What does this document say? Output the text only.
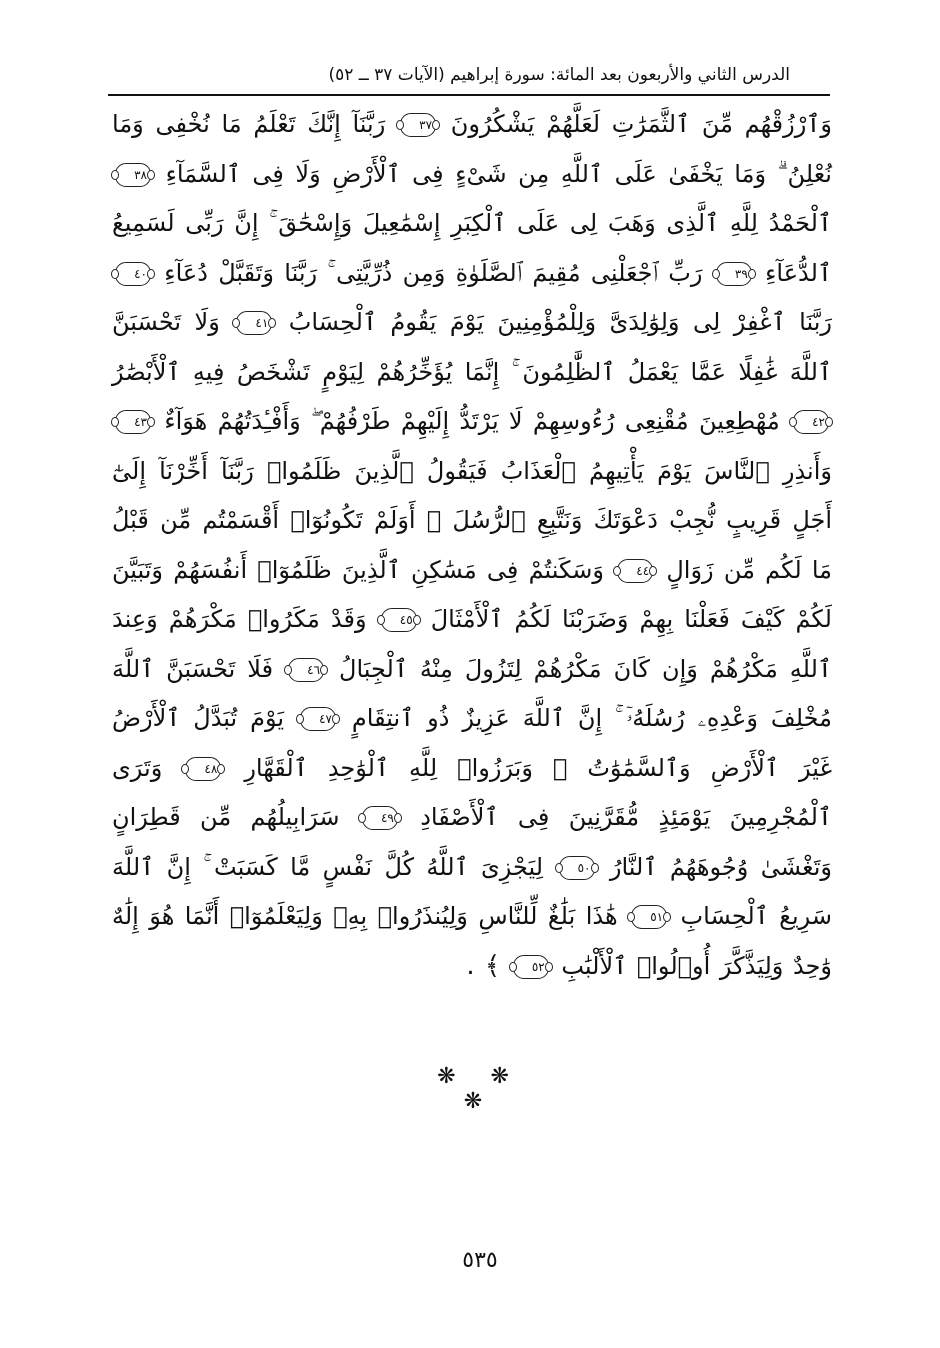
الدرس الثاني والأربعون بعد المائة: سورة إبراهيم (الآيات ٣٧ ــ ٥٢)
وَٱرْزُقْهُم مِّنَ ٱلثَّمَرَٰتِ لَعَلَّهُمْ يَشْكُرُونَ ٣٧ رَبَّنَآ إِنَّكَ تَعْلَمُ مَا نُخْفِى وَمَا نُعْلِنُ ۗ وَمَا يَخْفَىٰ عَلَى ٱللَّهِ مِن شَىْءٍ فِى ٱلْأَرْضِ وَلَا فِى ٱلسَّمَآءِ ٣٨ ٱلْحَمْدُ لِلَّهِ ٱلَّذِى وَهَبَ لِى عَلَى ٱلْكِبَرِ إِسْمَٰعِيلَ وَإِسْحَٰقَ ۚ إِنَّ رَبِّى لَسَمِيعُ ٱلدُّعَآءِ ٣٩ رَبِّ ٱجْعَلْنِى مُقِيمَ ٱلصَّلَوٰةِ وَمِن ذُرِّيَّتِى ۚ رَبَّنَا وَتَقَبَّلْ دُعَآءِ ٤٠ رَبَّنَا ٱغْفِرْ لِى وَلِوَٰلِدَىَّ وَلِلْمُؤْمِنِينَ يَوْمَ يَقُومُ ٱلْحِسَابُ ٤١ وَلَا تَحْسَبَنَّ ٱللَّهَ غَٰفِلًا عَمَّا يَعْمَلُ ٱلظَّٰلِمُونَ ۚ إِنَّمَا يُؤَخِّرُهُمْ لِيَوْمٍ تَشْخَصُ فِيهِ ٱلْأَبْصَٰرُ ٤٢ مُهْطِعِينَ مُقْنِعِى رُءُوسِهِمْ لَا يَرْتَدُّ إِلَيْهِمْ طَرْفُهُمْ ۖ وَأَفْـِٔدَتُهُمْ هَوَآءٌ ٤٣ وَأَنذِرِ ٱلنَّاسَ يَوْمَ يَأْتِيهِمُ ٱلْعَذَابُ فَيَقُولُ ٱلَّذِينَ ظَلَمُوا۟ رَبَّنَآ أَخِّرْنَآ إِلَىٰٓ أَجَلٍ قَرِيبٍ نُّجِبْ دَعْوَتَكَ وَنَتَّبِعِ ٱلرُّسُلَ ۗ أَوَلَمْ تَكُونُوٓا۟ أَقْسَمْتُم مِّن قَبْلُ مَا لَكُم مِّن زَوَالٍ ٤٤ وَسَكَنتُمْ فِى مَسَٰكِنِ ٱلَّذِينَ ظَلَمُوٓا۟ أَنفُسَهُمْ وَتَبَيَّنَ لَكُمْ كَيْفَ فَعَلْنَا بِهِمْ وَضَرَبْنَا لَكُمُ ٱلْأَمْثَالَ ٤٥ وَقَدْ مَكَرُوا۟ مَكْرَهُمْ وَعِندَ ٱللَّهِ مَكْرُهُمْ وَإِن كَانَ مَكْرُهُمْ لِتَزُولَ مِنْهُ ٱلْجِبَالُ ٤٦ فَلَا تَحْسَبَنَّ ٱللَّهَ مُخْلِفَ وَعْدِهِۦ رُسُلَهُۥٓ ۚ إِنَّ ٱللَّهَ عَزِيزٌ ذُو ٱنتِقَامٍ ٤٧ يَوْمَ تُبَدَّلُ ٱلْأَرْضُ غَيْرَ ٱلْأَرْضِ وَٱلسَّمَٰوَٰتُ ۖ وَبَرَزُوا۟ لِلَّهِ ٱلْوَٰحِدِ ٱلْقَهَّارِ ٤٨ وَتَرَى ٱلْمُجْرِمِينَ يَوْمَئِذٍ مُّقَرَّنِينَ فِى ٱلْأَصْفَادِ ٤٩ سَرَابِيلُهُم مِّن قَطِرَانٍ وَتَغْشَىٰ وُجُوهَهُمُ ٱلنَّارُ ٥٠ لِيَجْزِىَ ٱللَّهُ كُلَّ نَفْسٍ مَّا كَسَبَتْ ۚ إِنَّ ٱللَّهَ سَرِيعُ ٱلْحِسَابِ ٥١ هَٰذَا بَلَٰغٌ لِّلنَّاسِ وَلِيُنذَرُوا۟ بِهِۦ وَلِيَعْلَمُوٓا۟ أَنَّمَا هُوَ إِلَٰهٌ وَٰحِدٌ وَلِيَذَّكَّرَ أُو۟لُوا۟ ٱلْأَلْبَٰبِ ٥٢ ﴾ .
❋ ❋ ❋
٥٣٥
